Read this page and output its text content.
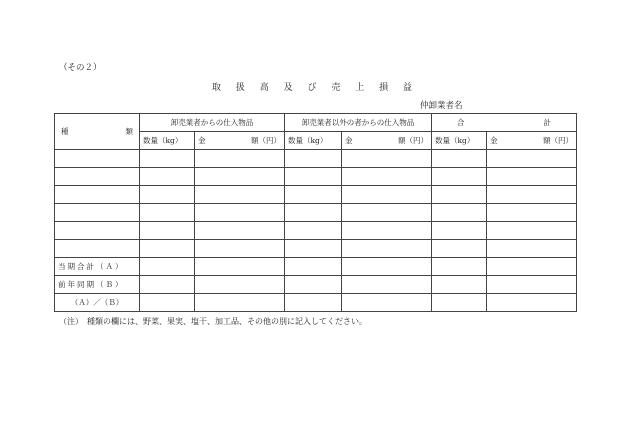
（その２）
取 扱 高 及 び 売 上 損 益
仲卸業者名
種 類	卸売業者からの仕入物品		卸売業者以外の者からの仕入物品		合 計	

	数量（kg）	金 額（円）	数量（kg）	金 額（円）	数量（kg）	金 額（円）

当期合計（Ａ）						
前年同期（Ｂ）						
（Ａ）／（Ｂ）						
（注）　種類の欄には、野菜、果実、塩干、加工品、その他の別に記入してください。
